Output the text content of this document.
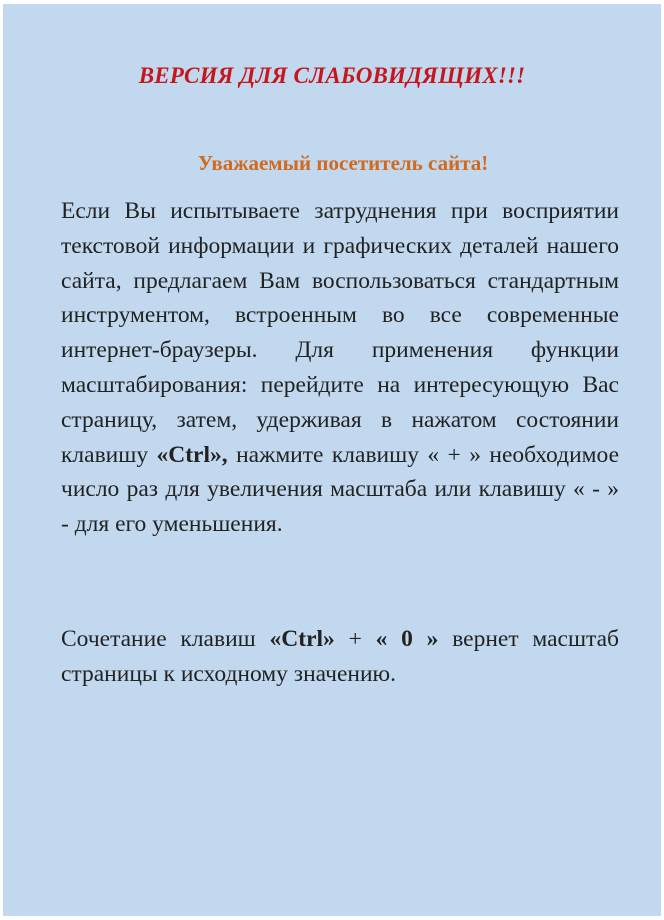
ВЕРСИЯ ДЛЯ СЛАБОВИДЯЩИХ!!!
Уважаемый посетитель сайта!

Если Вы испытываете затруднения при восприятии текстовой информации и графических деталей нашего сайта, предлагаем Вам воспользоваться стандартным инструментом, встроенным во все современные интернет-браузеры. Для применения функции масштабирования: перейдите на интересующую Вас страницу, затем, удерживая в нажатом состоянии клавишу «Ctrl», нажмите клавишу « + » необходимое число раз для увеличения масштаба или клавишу « - » - для его уменьшения.

Сочетание клавиш «Ctrl» + « 0 » вернет масштаб страницы к исходному значению.
